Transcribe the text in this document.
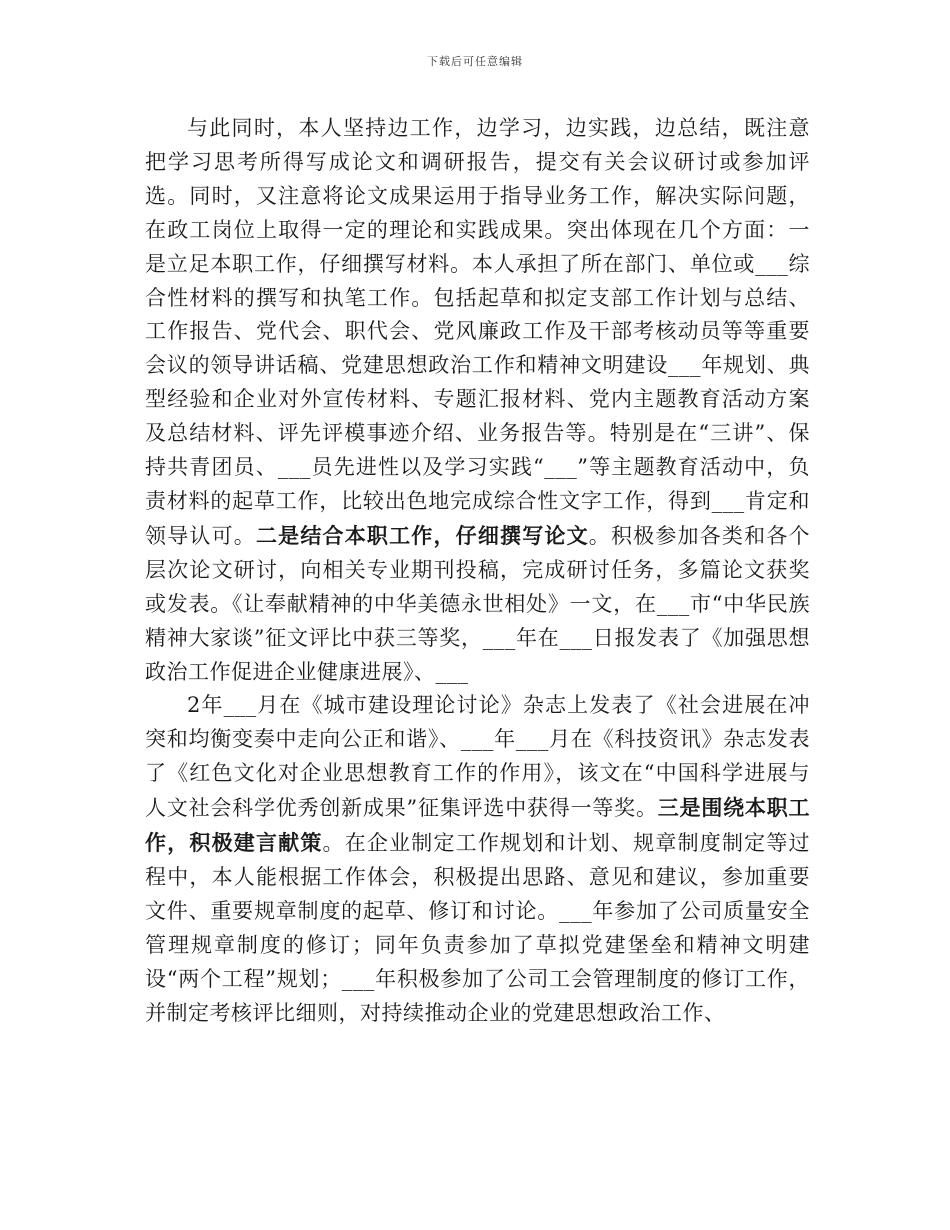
下载后可任意编辑

与此同时，本人坚持边工作，边学习，边实践，边总结，既注意把学习思考所得写成论文和调研报告，提交有关会议研讨或参加评选。同时，又注意将论文成果运用于指导业务工作，解决实际问题，在政工岗位上取得一定的理论和实践成果。突出体现在几个方面：一是立足本职工作，仔细撰写材料。本人承担了所在部门、单位或___综合性材料的撰写和执笔工作。包括起草和拟定支部工作计划与总结、工作报告、党代会、职代会、党风廉政工作及干部考核动员等等重要会议的领导讲话稿、党建思想政治工作和精神文明建设___年规划、典型经验和企业对外宣传材料、专题汇报材料、党内主题教育活动方案及总结材料、评先评模事迹介绍、业务报告等。特别是在“三讲”、保持共青团员、___员先进性以及学习实践“___”等主题教育活动中，负责材料的起草工作，比较出色地完成综合性文字工作，得到___肯定和领导认可。二是结合本职工作，仔细撰写论文。积极参加各类和各个层次论文研讨，向相关专业期刊投稿，完成研讨任务，多篇论文获奖或发表。《让奉献精神的中华美德永世相处》一文，在___市“中华民族精神大家谈”征文评比中获三等奖，___年在___日报发表了《加强思想政治工作促进企业健康进展》、___

2年___月在《城市建设理论讨论》杂志上发表了《社会进展在冲突和均衡变奏中走向公正和谐》、___年___月在《科技资讯》杂志发表了《红色文化对企业思想教育工作的作用》，该文在“中国科学进展与人文社会科学优秀创新成果”征集评选中获得一等奖。三是围绕本职工作，积极建言献策。在企业制定工作规划和计划、规章制度制定等过程中，本人能根据工作体会，积极提出思路、意见和建议，参加重要文件、重要规章制度的起草、修订和讨论。___年参加了公司质量安全管理规章制度的修订；同年负责参加了草拟党建堡垒和精神文明建设“两个工程”规划；___年积极参加了公司工会管理制度的修订工作，并制定考核评比细则，对持续推动企业的党建思想政治工作、
